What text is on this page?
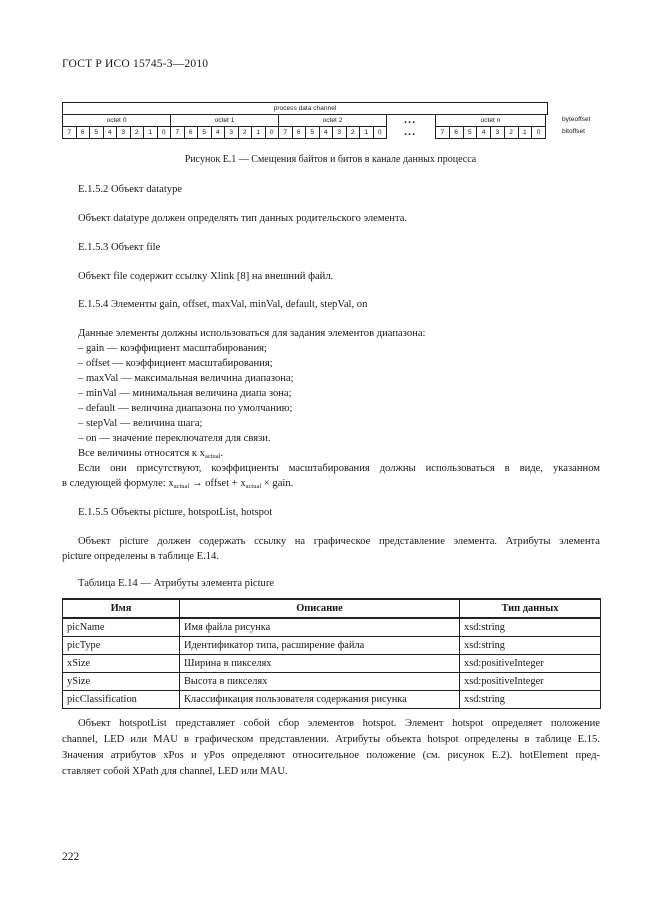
ГОСТ Р ИСО 15745-3—2010
process data channel
octet 0								octet 1								octet 2							
7	6	5	4	3	2	1	0	7	6	5	4	3	2	1	0	7	6	5	4	3	2	1	0
...
...
octet n
7	6	5	4	3	2	1	0
byteoffset
bitoffset
Рисунок Е.1 — Смещения байтов и битов в канале данных процесса

Е.1.5.2 Объект datatype

Объект datatype должен определять тип данных родительского элемента.

Е.1.5.3 Объект file

Объект file содержит ссылку Xlink [8] на внешний файл.

Е.1.5.4 Элементы gain, offset, maxVal, minVal, default, stepVal, on

Данные элементы должны использоваться для задания элементов диапазона:

– gain — коэффициент масштабирования;

– offset — коэффициент масштабирования;

– maxVal — максимальная величина диапазона;

– minVal — минимальная величина диапа зона;

– default — величина диапазона по умолчанию;

– stepVal — величина шага;

– on — значение переключателя для связи.

Все величины относятся к $x_{actual}$.

Если они присутствуют, коэффициенты масштабирования должны использоваться в виде, указанном

в следующей формуле: $x_{actual}$ → offset + $x_{actual}$ × gain.

Е.1.5.5 Объекты picture, hotspotList, hotspot

Объект picture должен содержать ссылку на графическое представление элемента. Атрибуты элемента

picture определены в таблице Е.14.

Таблица Е.14 — Атрибуты элемента picture

Имя	Описание	Тип данных
picName	Имя файла рисунка	xsd:string
picType	Идентификатор типа, расширение файла	xsd:string
xSize	Ширина в пикселях	xsd:positiveInteger
ySize	Высота в пикселях	xsd:positiveInteger
picClassification	Классификация пользователя содержания рисунка	xsd:string

Объект hotspotList представляет собой сбор элементов hotspot. Элемент hotspot определяет положение

channel, LED или MAU в графическом представлении. Атрибуты объекта hotspot определены в таблице Е.15.

Значения атрибутов xPos и yPos определяют относительное положение (см. рисунок Е.2). hotElement пред-

ставляет собой XPath для channel, LED или MAU.

222
